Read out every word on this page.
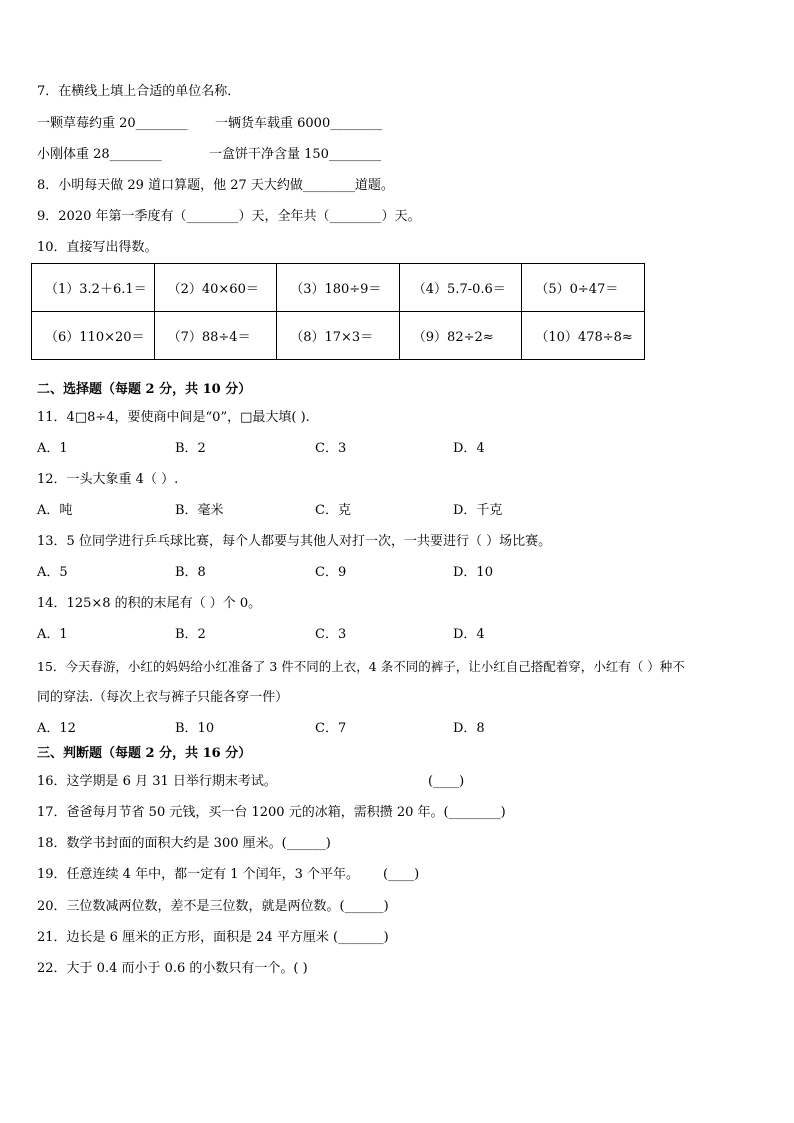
7．在横线上填上合适的单位名称．
一颗草莓约重 20________ 一辆货车载重 6000________
小刚体重 28________	一盒饼干净含量 150________
8．小明每天做 29 道口算题，他 27 天大约做________道题。
9．2020 年第一季度有（________）天，全年共（________）天。
10．直接写出得数。
（1）3.2＋6.1＝	（2）40×60＝	（3）180÷9＝	（4）5.7-0.6＝	（5）0÷47＝
（6）110×20＝	（7）88÷4＝	（8）17×3＝	（9）82÷2≈	（10）478÷8≈
二、选择题（每题 2 分，共 10 分）
11．4□8÷4，要使商中间是“0”，□最大填( ).
A．1	B．2	C．3	D．4
12．一头大象重 4（ ）.
A．吨	B．毫米	C．克	D．千克
13．5 位同学进行乒乓球比赛，每个人都要与其他人对打一次，一共要进行（ ）场比赛。
A．5	B．8	C．9	D．10
14．125×8 的积的末尾有（ ）个 0。
A．1	B．2	C．3	D．4
15．今天春游，小红的妈妈给小红准备了 3 件不同的上衣，4 条不同的裤子，让小红自己搭配着穿，小红有（ ）种不
同的穿法.（每次上衣与裤子只能各穿一件）
A．12	B．10	C．7	D．8
三、判断题（每题 2 分，共 16 分）
16．这学期是 6 月 31 日举行期末考试。	(____)
17．爸爸每月节省 50 元钱，买一台 1200 元的冰箱，需积攒 20 年。(________)
18．数学书封面的面积大约是 300 厘米。(______)
19．任意连续 4 年中，都一定有 1 个闰年，3 个平年。 (____)
20．三位数减两位数，差不是三位数，就是两位数。(______)
21．边长是 6 厘米的正方形，面积是 24 平方厘米 (_______)
22．大于 0.4 而小于 0.6 的小数只有一个。( )
